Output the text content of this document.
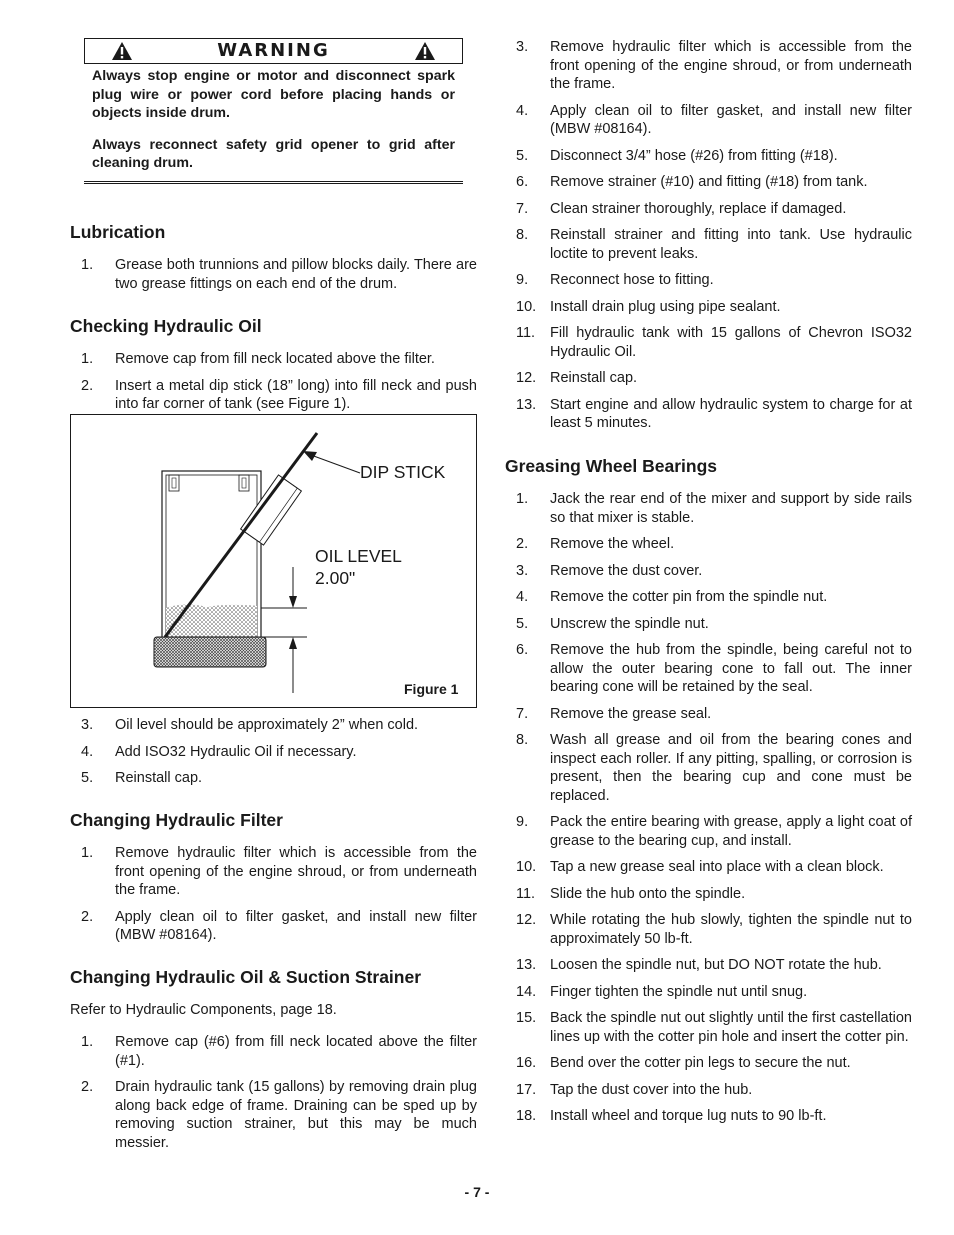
WARNING

Always stop engine or motor and disconnect spark plug wire or power cord before placing hands or objects inside drum.

Always reconnect safety grid opener to grid after cleaning drum.

Lubrication
1. Grease both trunnions and pillow blocks daily. There are two grease fittings on each end of the drum.
Checking Hydraulic Oil
1. Remove cap from fill neck located above the filter.
2. Insert a metal dip stick (18” long) into fill neck and push into far corner of tank (see Figure 1).
DIP STICK
OIL LEVEL
2.00"
Figure 1
3. Oil level should be approximately 2” when cold.
4. Add ISO32 Hydraulic Oil if necessary.
5. Reinstall cap.
Changing Hydraulic Filter
1. Remove hydraulic filter which is accessible from the front opening of the engine shroud, or from underneath the frame.
2. Apply clean oil to filter gasket, and install new filter (MBW #08164).
Changing Hydraulic Oil & Suction Strainer

Refer to Hydraulic Components, page 18.

1. Remove cap (#6) from fill neck located above the filter (#1).
2. Drain hydraulic tank (15 gallons) by removing drain plug along back edge of frame. Draining can be sped up by removing suction strainer, but this may be much messier.
3. Remove hydraulic filter which is accessible from the front opening of the engine shroud, or from underneath the frame.
4. Apply clean oil to filter gasket, and install new filter (MBW #08164).
5. Disconnect 3/4” hose (#26) from fitting (#18).
6. Remove strainer (#10) and fitting (#18) from tank.
7. Clean strainer thoroughly, replace if damaged.
8. Reinstall strainer and fitting into tank. Use hydraulic loctite to prevent leaks.
9. Reconnect hose to fitting.
10. Install drain plug using pipe sealant.
11. Fill hydraulic tank with 15 gallons of Chevron ISO32 Hydraulic Oil.
12. Reinstall cap.
13. Start engine and allow hydraulic system to charge for at least 5 minutes.
Greasing Wheel Bearings
1. Jack the rear end of the mixer and support by side rails so that mixer is stable.
2. Remove the wheel.
3. Remove the dust cover.
4. Remove the cotter pin from the spindle nut.
5. Unscrew the spindle nut.
6. Remove the hub from the spindle, being careful not to allow the outer bearing cone to fall out. The inner bearing cone will be retained by the seal.
7. Remove the grease seal.
8. Wash all grease and oil from the bearing cones and inspect each roller. If any pitting, spalling, or corrosion is present, then the bearing cup and cone must be replaced.
9. Pack the entire bearing with grease, apply a light coat of grease to the bearing cup, and install.
10. Tap a new grease seal into place with a clean block.
11. Slide the hub onto the spindle.
12. While rotating the hub slowly, tighten the spindle nut to approximately 50 lb-ft.
13. Loosen the spindle nut, but DO NOT rotate the hub.
14. Finger tighten the spindle nut until snug.
15. Back the spindle nut out slightly until the first castellation lines up with the cotter pin hole and insert the cotter pin.
16. Bend over the cotter pin legs to secure the nut.
17. Tap the dust cover into the hub.
18. Install wheel and torque lug nuts to 90 lb-ft.
- 7 -
